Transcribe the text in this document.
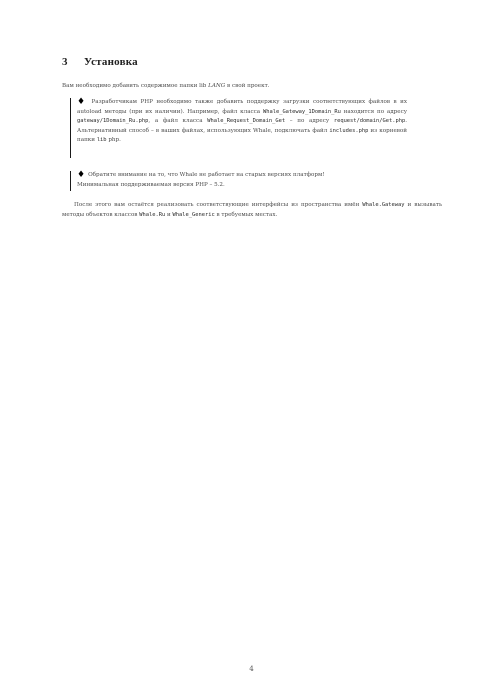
3 Установка
Вам необходимо добавить содержимое папки lib LANG в свой проект.

♦ Разработчикам PHP необходимо также добавить поддержку загрузки соответствующих файлов в их autoload методы (при их наличии). Например, файл класса Whale_Gateway_1Domain_Ru находится по адресу gateway/1Domain_Ru.php, а файл класса Whale_Request_Domain_Get – по адресу request/domain/Get.php. Альтернативный способ – в ваших файлах, использующих Whale, подключать файл includes.php из корневой папки lib php.

♦ Обратите внимание на то, что Whale не работает на старых версиях платформ!
Минимальная поддерживаемая версия PHP – 5.2.

После этого вам остаётся реализовать соответствующие интерфейсы из пространства имён Whale.Gateway и вызывать методы объектов классов Whale.Ru и Whale_Generic в требуемых местах.
4
